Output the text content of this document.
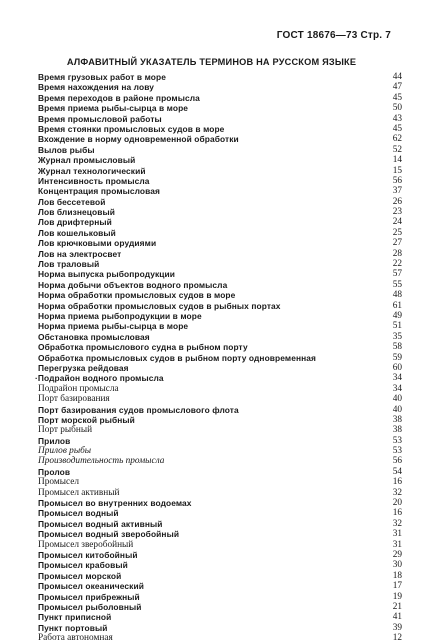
ГОСТ 18676—73 Стр. 7
АЛФАВИТНЫЙ УКАЗАТЕЛЬ ТЕРМИНОВ НА РУССКОМ ЯЗЫКЕ
Время грузовых работ в море	44
Время нахождения на лову	47
Время переходов в районе промысла	45
Время приема рыбы-сырца в море	50
Время промысловой работы	43
Время стоянки промысловых судов в море	45
Вхождение в норму одновременной обработки	62
Вылов рыбы	52
Журнал промысловый	14
Журнал технологический	15
Интенсивность промысла	56
Концентрация промысловая	37
Лов бессетевой	26
Лов близнецовый	23
Лов дрифтерный	24
Лов кошельковый	25
Лов крючковыми орудиями	27
Лов на электросвет	28
Лов траловый	22
Норма выпуска рыбопродукции	57
Норма добычи объектов водного промысла	55
Норма обработки промысловых судов в море	48
Норма обработки промысловых судов в рыбных портах	61
Норма приема рыбопродукции в море	49
Норма приема рыбы-сырца в море	51
Обстановка промысловая	35
Обработка промыслового судна в рыбном порту	58
Обработка промысловых судов в рыбном порту одновременная	59
Перегрузка рейдовая	60
·Подрайон водного промысла	34
Подрайон промысла	34
Порт базирования	40
Порт базирования судов промыслового флота	40
Порт морской рыбный	38
Порт рыбный	38
Прилов	53
Прилов рыбы	53
Производительность промысла	56
Пролов	54
Промысел	16
Промысел активный	32
Промысел во внутренних водоемах	20
Промысел водный	16
Промысел водный активный	32
Промысел водный зверобойный	31
Промысел зверобойный	31
Промысел китобойный	29
Промысел крабовый	30
Промысел морской	18
Промысел океанический	17
Промысел прибрежный	19
Промысел рыболовный	21
Пункт приписной	41
Пункт портовый	39
Работа автономная	12
